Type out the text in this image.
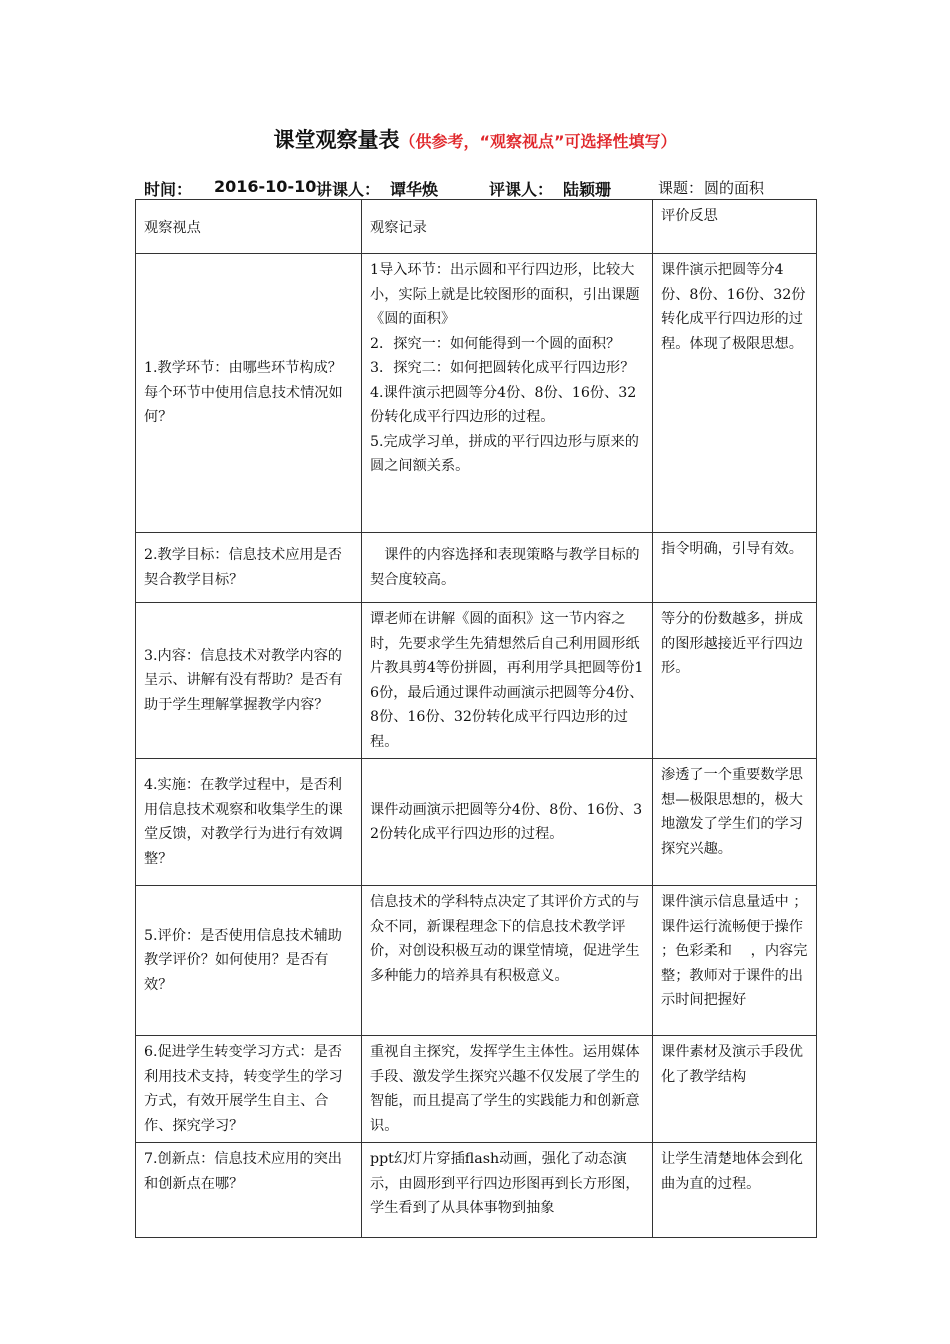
课堂观察量表（供参考，“观察视点”可选择性填写）
时间： 2016-10-10 讲课人： 谭华焕	评课人： 陆颖珊	课题： 圆的面积
观察视点	观察记录	评价反思
1.教学环节：由哪些环节构成？每个环节中使用信息技术情况如何？	1导入环节：出示圆和平行四边形，比较大小，实际上就是比较图形的面积，引出课题《圆的面积》
2．探究一：如何能得到一个圆的面积？
3．探究二：如何把圆转化成平行四边形？
4.课件演示把圆等分4份、8份、16份、32份转化成平行四边形的过程。
5.完成学习单，拼成的平行四边形与原来的圆之间额关系。	课件演示把圆等分4份、8份、16份、32份转化成平行四边形的过程。体现了极限思想。
2.教学目标：信息技术应用是否契合教学目标？	　课件的内容选择和表现策略与教学目标的契合度较高。	指令明确，引导有效。
3.内容：信息技术对教学内容的呈示、讲解有没有帮助？是否有助于学生理解掌握教学内容？	谭老师在讲解《圆的面积》这一节内容之时，先要求学生先猜想然后自己利用圆形纸片教具剪4等份拼圆，再利用学具把圆等份16份，最后通过课件动画演示把圆等分4份、8份、16份、32份转化成平行四边形的过程。	等分的份数越多，拼成的图形越接近平行四边形。
4.实施：在教学过程中，是否利用信息技术观察和收集学生的课堂反馈，对教学行为进行有效调整？	课件动画演示把圆等分4份、8份、16份、32份转化成平行四边形的过程。	渗透了一个重要数学思想—极限思想的，极大地激发了学生们的学习探究兴趣。
5.评价：是否使用信息技术辅助教学评价？如何使用？是否有效？	信息技术的学科特点决定了其评价方式的与众不同，新课程理念下的信息技术教学评价，对创设积极互动的课堂情境，促进学生多种能力的培养具有积极意义。	课件演示信息量适中 ；课件运行流畅便于操作 ；色彩柔和　 ，内容完整；教师对于课件的出示时间把握好
6.促进学生转变学习方式：是否利用技术支持，转变学生的学习方式，有效开展学生自主、合作、探究学习？	重视自主探究，发挥学生主体性。运用媒体手段、激发学生探究兴趣不仅发展了学生的智能，而且提高了学生的实践能力和创新意识。	课件素材及演示手段优化了教学结构
7.创新点：信息技术应用的突出和创新点在哪？	ppt幻灯片穿插flash动画，强化了动态演示，由圆形到平行四边形图再到长方形图，学生看到了从具体事物到抽象	让学生清楚地体会到化曲为直的过程。
